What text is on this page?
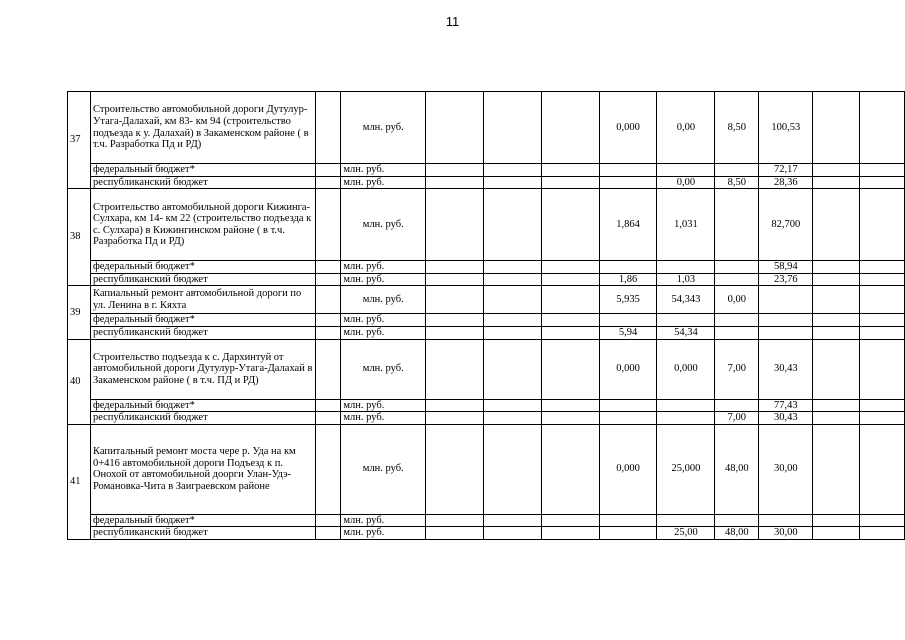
11
37	Строительство автомобильной дороги Дутулур-Утага-Далахай, км 83- км 94 (строительство подъезда к у. Далахай) в Закаменском районе ( в т.ч. Разработка Пд и РД)		млн. руб.				0,000	0,00	8,50	100,53		
	федеральный бюджет*		млн. руб.							72,17		
	республиканский бюджет		млн. руб.					0,00	8,50	28,36		
38	Строительство автомобильной дороги Кижинга-Сулхара, км 14- км 22 (строительство подъезда к с. Сулхара) в Кижингинском районе ( в т.ч. Разработка Пд и РД)		млн. руб.				1,864	1,031		82,700		
	федеральный бюджет*		млн. руб.							58,94		
	республиканский бюджет		млн. руб.				1,86	1,03		23,76		
39	Капиальный ремонт автомобильной дороги по ул. Ленина в г. Кяхта		млн. руб.				5,935	54,343	0,00			
	федеральный бюджет*		млн. руб.									
	республиканский бюджет		млн. руб.				5,94	54,34				
40	Строительство подъезда к с. Дархинтуй от автомобильной дороги Дутулур-Утага-Далахай в Закаменском районе ( в т.ч. ПД и РД)		млн. руб.				0,000	0,000	7,00	30,43		
	федеральный бюджет*		млн. руб.							77,43		
	республиканский бюджет		млн. руб.						7,00	30,43		
41	Капитальный ремонт моста чере р. Уда на км 0+416 автомобильной дороги Подъезд к п. Онохой от автомобильной доорги Улан-Удэ-Романовка-Чита в Заиграевском районе		млн. руб.				0,000	25,000	48,00	30,00		
	федеральный бюджет*		млн. руб.									
	республиканский бюджет		млн. руб.					25,00	48,00	30,00		
